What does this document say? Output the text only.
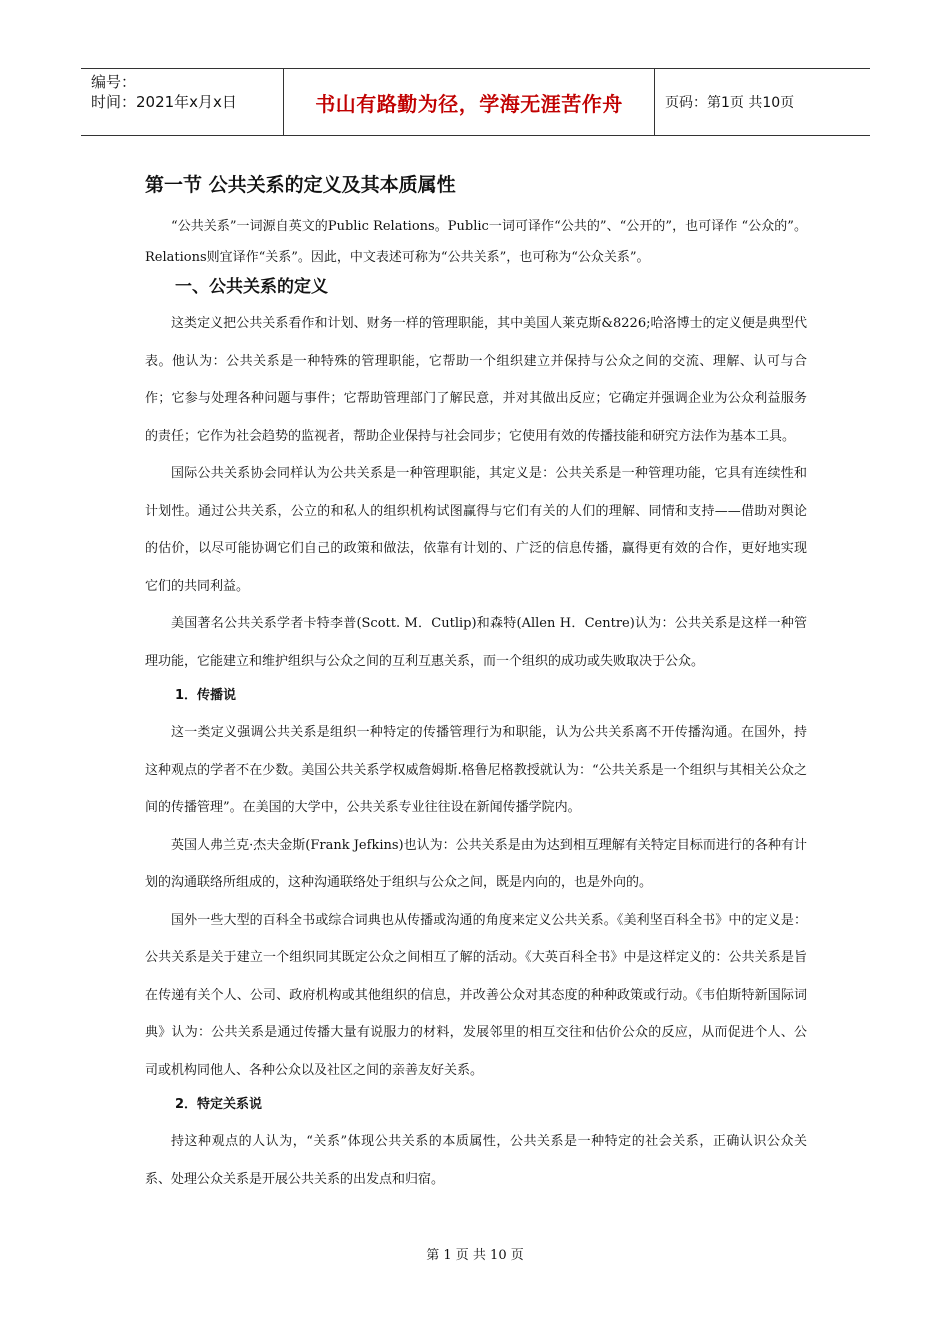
编号：
时间：2021年x月x日	书山有路勤为径，学海无涯苦作舟	页码：第1页 共10页
第一节 公共关系的定义及其本质属性

“公共关系”一词源自英文的Public Relations。Public一词可译作“公共的”、“公开的”，也可译作 “公众的”。Relations则宜译作“关系”。因此，中文表述可称为“公共关系”，也可称为“公众关系”。

一、公共关系的定义

这类定义把公共关系看作和计划、财务一样的管理职能，其中美国人莱克斯&8226;哈洛博士的定义便是典型代表。他认为：公共关系是一种特殊的管理职能，它帮助一个组织建立并保持与公众之间的交流、理解、认可与合作；它参与处理各种问题与事件；它帮助管理部门了解民意，并对其做出反应；它确定并强调企业为公众利益服务的责任；它作为社会趋势的监视者，帮助企业保持与社会同步；它使用有效的传播技能和研究方法作为基本工具。

国际公共关系协会同样认为公共关系是一种管理职能，其定义是：公共关系是一种管理功能，它具有连续性和计划性。通过公共关系，公立的和私人的组织机构试图赢得与它们有关的人们的理解、同情和支持——借助对舆论的估价，以尽可能协调它们自己的政策和做法，依靠有计划的、广泛的信息传播，赢得更有效的合作，更好地实现它们的共同利益。

美国著名公共关系学者卡特李普(Scott. M．Cutlip)和森特(Allen H．Centre)认为：公共关系是这样一种管理功能，它能建立和维护组织与公众之间的互利互惠关系，而一个组织的成功或失败取决于公众。

1．传播说

这一类定义强调公共关系是组织一种特定的传播管理行为和职能，认为公共关系离不开传播沟通。在国外，持这种观点的学者不在少数。美国公共关系学权威詹姆斯.格鲁尼格教授就认为：“公共关系是一个组织与其相关公众之间的传播管理”。在美国的大学中，公共关系专业往往设在新闻传播学院内。

英国人弗兰克·杰夫金斯(Frank Jefkins)也认为：公共关系是由为达到相互理解有关特定目标而进行的各种有计划的沟通联络所组成的，这种沟通联络处于组织与公众之间，既是内向的，也是外向的。

国外一些大型的百科全书或综合词典也从传播或沟通的角度来定义公共关系。《美利坚百科全书》中的定义是：公共关系是关于建立一个组织同其既定公众之间相互了解的活动。《大英百科全书》中是这样定义的：公共关系是旨在传递有关个人、公司、政府机构或其他组织的信息，并改善公众对其态度的种种政策或行动。《韦伯斯特新国际词典》认为：公共关系是通过传播大量有说服力的材料，发展邻里的相互交往和估价公众的反应，从而促进个人、公司或机构同他人、各种公众以及社区之间的亲善友好关系。

2．特定关系说

持这种观点的人认为，“关系”体现公共关系的本质属性，公共关系是一种特定的社会关系，正确认识公众关系、处理公众关系是开展公共关系的出发点和归宿。

第 1 页 共 10 页
